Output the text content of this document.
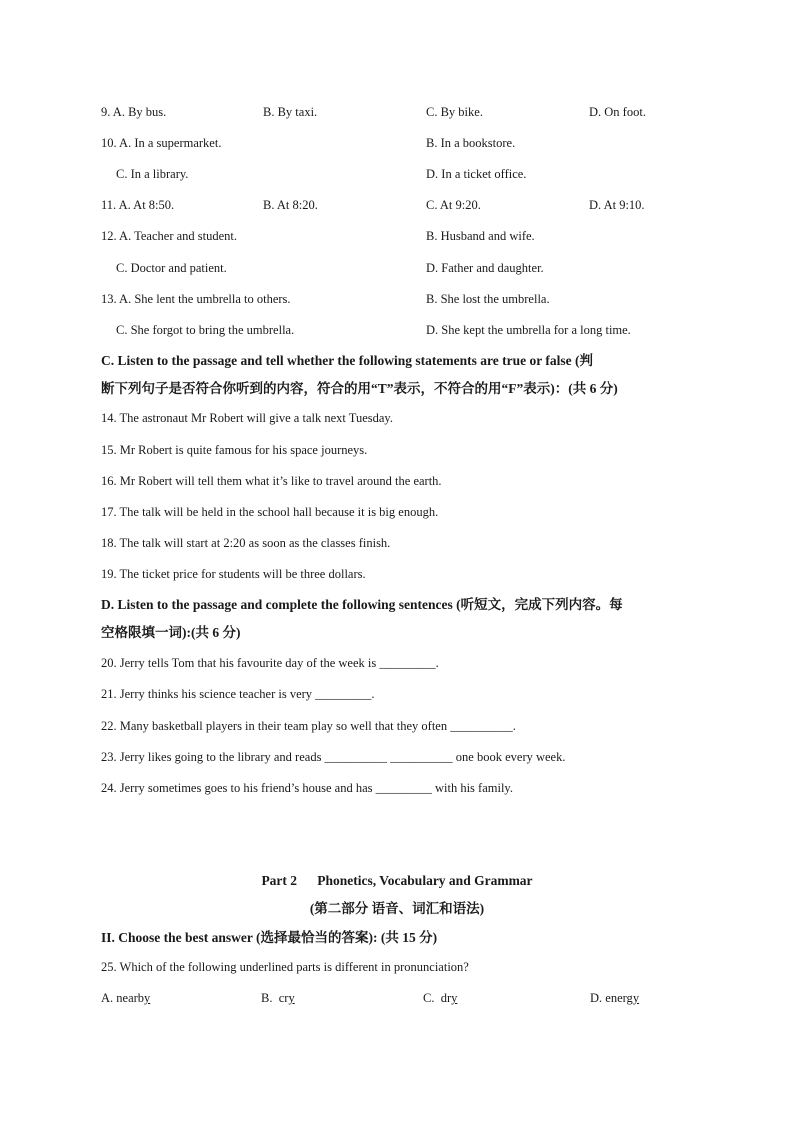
9. A. By bus.	B. By taxi.	C. By bike.	D. On foot.
10. A. In a supermarket.	B. In a bookstore.
C. In a library.	D. In a ticket office.
11. A. At 8:50.	B. At 8:20.	C. At 9:20.	D. At 9:10.
12. A. Teacher and student.	B. Husband and wife.
C. Doctor and patient.	D. Father and daughter.
13. A. She lent the umbrella to others.	B. She lost the umbrella.
C. She forgot to bring the umbrella.	D. She kept the umbrella for a long time.
C. Listen to the passage and tell whether the following statements are true or false (判
断下列句子是否符合你听到的内容，符合的用“T”表示，不符合的用“F”表示)：(共 6 分)
14. The astronaut Mr Robert will give a talk next Tuesday.
15. Mr Robert is quite famous for his space journeys.
16. Mr Robert will tell them what it’s like to travel around the earth.
17. The talk will be held in the school hall because it is big enough.
18. The talk will start at 2:20 as soon as the classes finish.
19. The ticket price for students will be three dollars.
D. Listen to the passage and complete the following sentences (听短文，完成下列内容。每
空格限填一词):(共 6 分)
20. Jerry tells Tom that his favourite day of the week is _________.
21. Jerry thinks his science teacher is very _________.
22. Many basketball players in their team play so well that they often __________.
23. Jerry likes going to the library and reads __________ __________ one book every week.
24. Jerry sometimes goes to his friend’s house and has _________ with his family.
Part 2      Phonetics, Vocabulary and Grammar
(第二部分 语音、词汇和语法)
II. Choose the best answer (选择最恰当的答案): (共 15 分)
25. Which of the following underlined parts is different in pronunciation?
A. nearby	B.  cry	C.  dry	D. energy
